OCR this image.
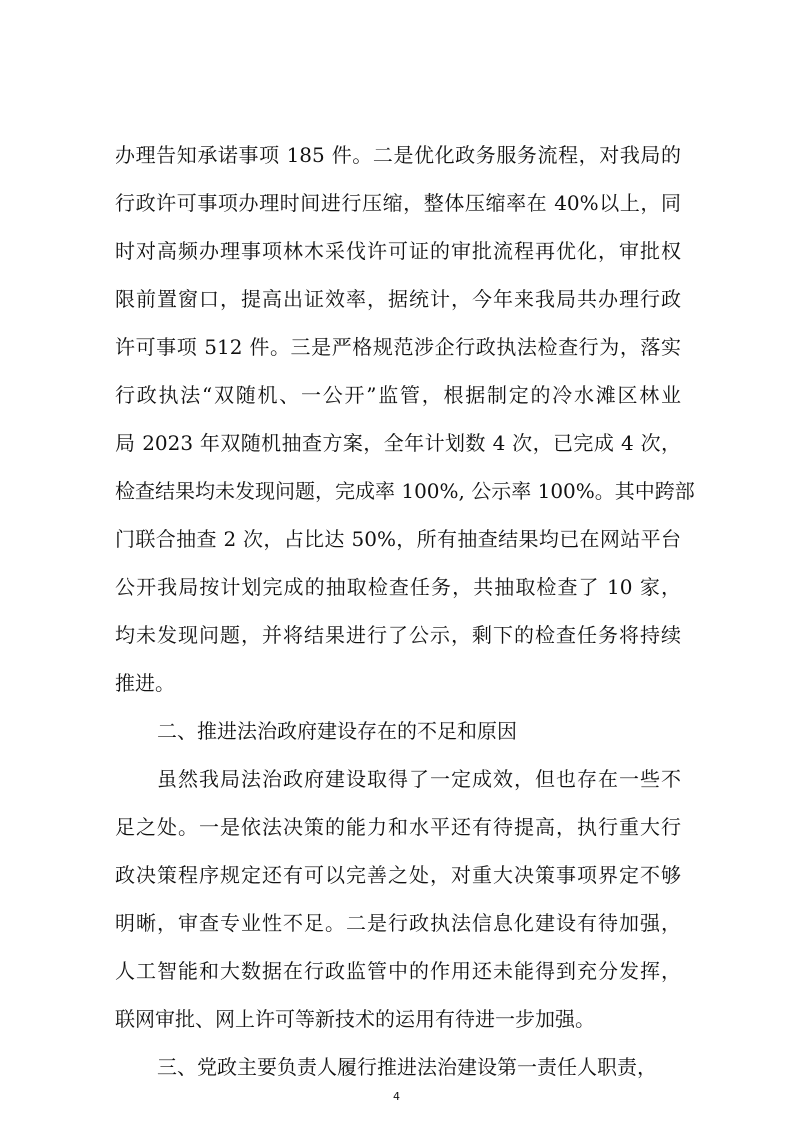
办理告知承诺事项 185 件。二是优化政务服务流程，对我局的
行政许可事项办理时间进行压缩，整体压缩率在 40%以上，同
时对高频办理事项林木采伐许可证的审批流程再优化，审批权
限前置窗口，提高出证效率，据统计，今年来我局共办理行政
许可事项 512 件。三是严格规范涉企行政执法检查行为，落实
行政执法“双随机、一公开”监管，根据制定的冷水滩区林业
局 2023 年双随机抽查方案，全年计划数 4 次，已完成 4 次，
检查结果均未发现问题，完成率 100%, 公示率 100%。其中跨部
门联合抽查 2 次，占比达 50%，所有抽查结果均已在网站平台
公开我局按计划完成的抽取检查任务，共抽取检查了 10 家，
均未发现问题，并将结果进行了公示，剩下的检查任务将持续
推进。
二、推进法治政府建设存在的不足和原因
虽然我局法治政府建设取得了一定成效，但也存在一些不
足之处。一是依法决策的能力和水平还有待提高，执行重大行
政决策程序规定还有可以完善之处，对重大决策事项界定不够
明晰，审查专业性不足。二是行政执法信息化建设有待加强，
人工智能和大数据在行政监管中的作用还未能得到充分发挥，
联网审批、网上许可等新技术的运用有待进一步加强。
三、党政主要负责人履行推进法治建设第一责任人职责，
4
